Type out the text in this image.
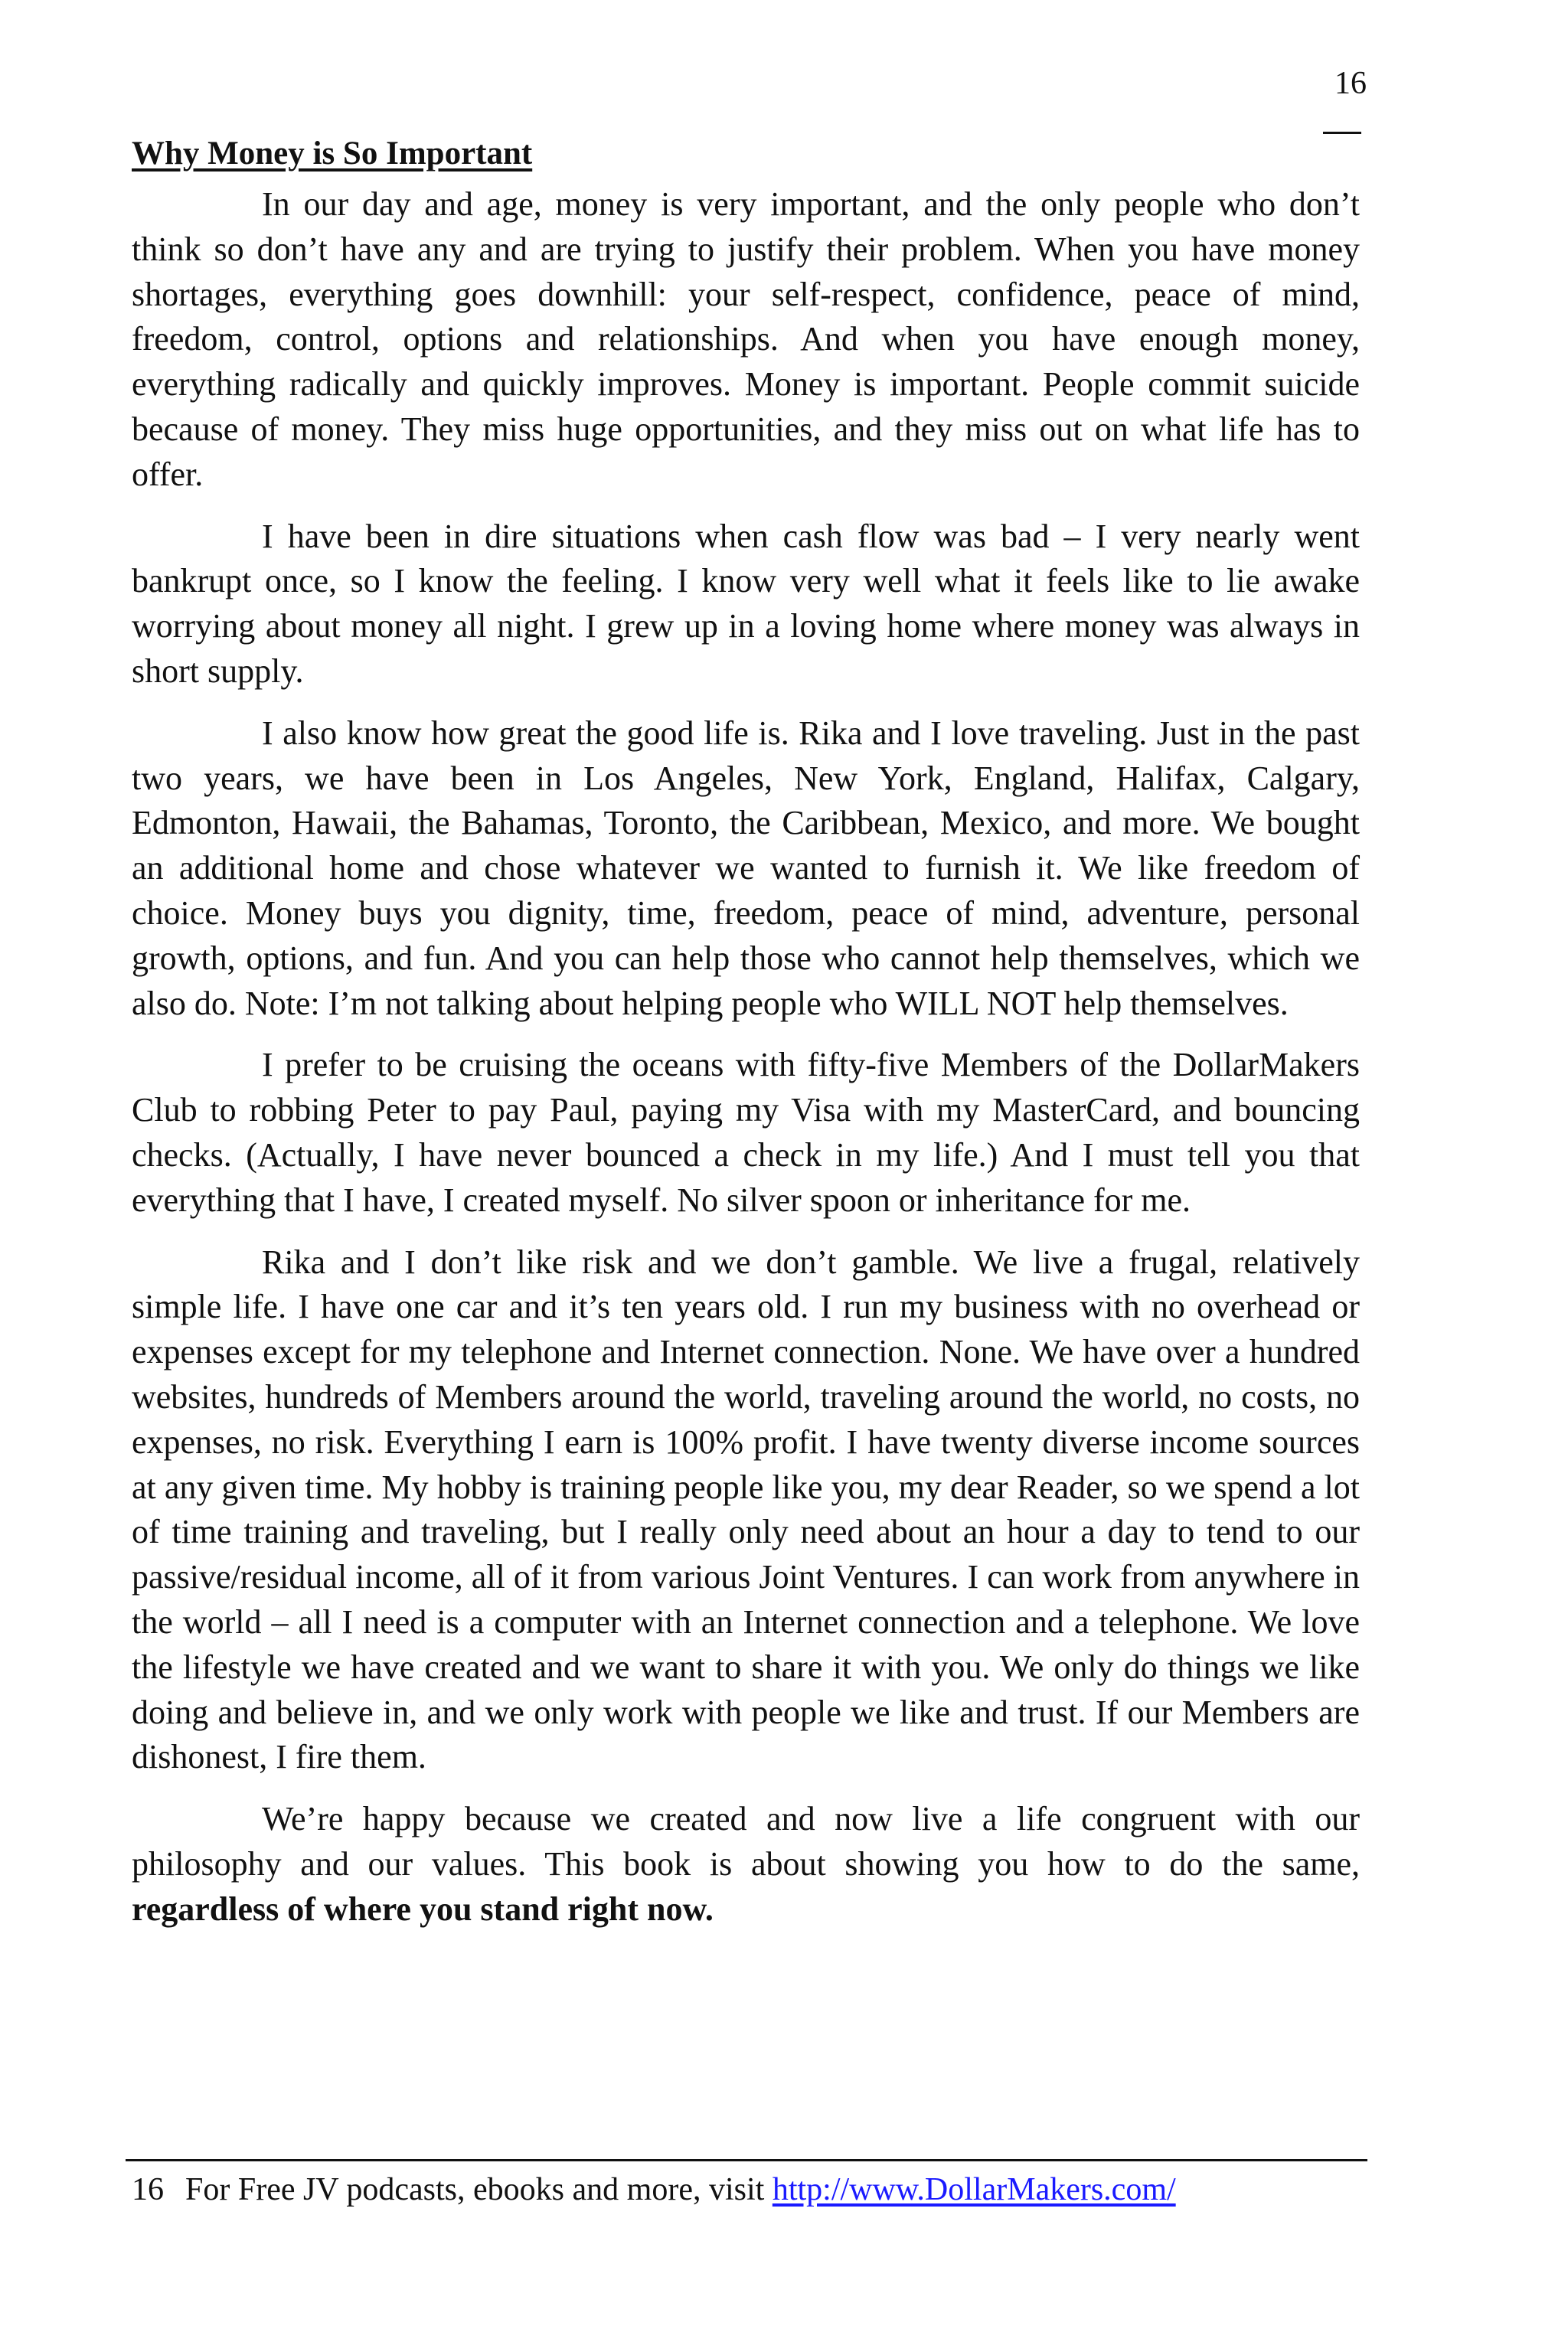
16
Why Money is So Important

In our day and age, money is very important, and the only people who don’t think so don’t have any and are trying to justify their problem. When you have money shortages, everything goes downhill: your self-respect, confidence, peace of mind, freedom, control, options and relationships. And when you have enough money, everything radically and quickly improves. Money is important. People commit suicide because of money. They miss huge opportunities, and they miss out on what life has to offer.

I have been in dire situations when cash flow was bad – I very nearly went bankrupt once, so I know the feeling. I know very well what it feels like to lie awake worrying about money all night. I grew up in a loving home where money was always in short supply.

I also know how great the good life is. Rika and I love traveling. Just in the past two years, we have been in Los Angeles, New York, England, Halifax, Calgary, Edmonton, Hawaii, the Bahamas, Toronto, the Caribbean, Mexico, and more. We bought an additional home and chose whatever we wanted to furnish it. We like freedom of choice. Money buys you dignity, time, freedom, peace of mind, adventure, personal growth, options, and fun. And you can help those who cannot help themselves, which we also do. Note: I’m not talking about helping people who WILL NOT help themselves.

I prefer to be cruising the oceans with fifty-five Members of the DollarMakers Club to robbing Peter to pay Paul, paying my Visa with my MasterCard, and bouncing checks. (Actually, I have never bounced a check in my life.) And I must tell you that everything that I have, I created myself. No silver spoon or inheritance for me.

Rika and I don’t like risk and we don’t gamble. We live a frugal, relatively simple life. I have one car and it’s ten years old. I run my business with no overhead or expenses except for my telephone and Internet connection. None. We have over a hundred websites, hundreds of Members around the world, traveling around the world, no costs, no expenses, no risk. Everything I earn is 100% profit. I have twenty diverse income sources at any given time. My hobby is training people like you, my dear Reader, so we spend a lot of time training and traveling, but I really only need about an hour a day to tend to our passive/residual income, all of it from various Joint Ventures. I can work from anywhere in the world – all I need is a computer with an Internet connection and a telephone. We love the lifestyle we have created and we want to share it with you. We only do things we like doing and believe in, and we only work with people we like and trust. If our Members are dishonest, I fire them.

We’re happy because we created and now live a life congruent with our philosophy and our values. This book is about showing you how to do the same, regardless of where you stand right now.

16 For Free JV podcasts, ebooks and more, visit http://www.DollarMakers.com/
